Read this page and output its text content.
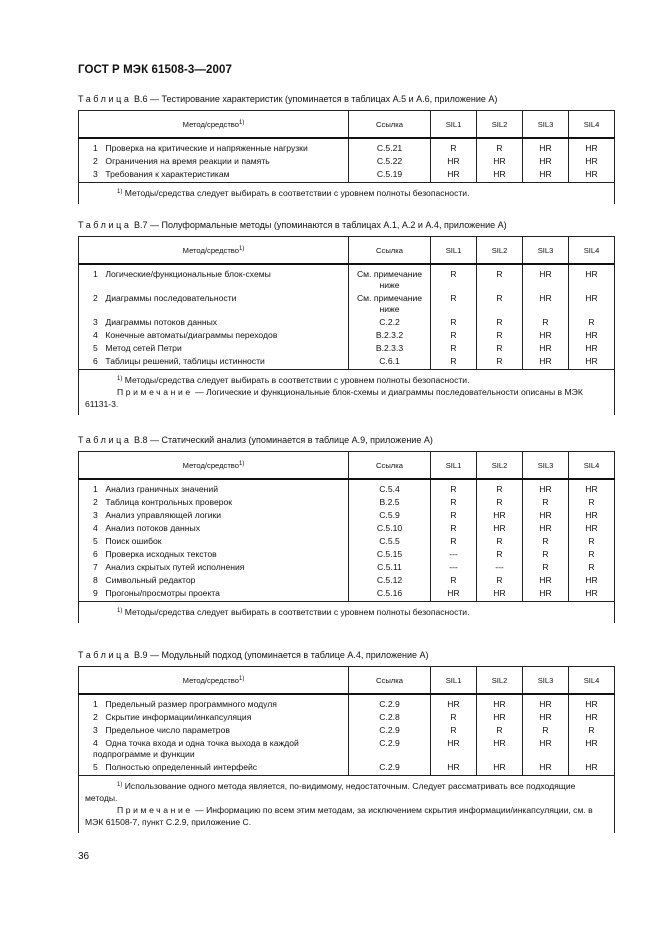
ГОСТ Р МЭК 61508-3—2007
Таблица B.6 — Тестирование характеристик (упоминается в таблицах А.5 и А.6, приложение А)
Метод/средство$^{1)}$	Ссылка	SIL1	SIL2	SIL3	SIL4
1 Проверка на критические и напряженные нагрузки	C.5.21	R	R	HR	HR
2 Ограничения на время реакции и память	C.5.22	HR	HR	HR	HR
3 Требования к характеристикам	C.5.19	HR	HR	HR	HR

$^{1)}$ Методы/средства следует выбирать в соответствии с уровнем полноты безопасности.					
Таблица B.7 — Полуформальные методы (упоминаются в таблицах А.1, А.2 и А.4, приложение А)
Метод/средство$^{1)}$	Ссылка	SIL1	SIL2	SIL3	SIL4
1 Логические/функциональные блок-схемы	См. примечание ниже	R	R	HR	HR
2 Диаграммы последовательности	См. примечание ниже	R	R	HR	HR
3 Диаграммы потоков данных	C.2.2	R	R	R	R
4 Конечные автоматы/диаграммы переходов	B.2.3.2	R	R	HR	HR
5 Метод сетей Петри	B.2.3.3	R	R	HR	HR
6 Таблицы решений, таблицы истинности	C.6.1	R	R	HR	HR

$^{1)}$ Методы/средства следует выбирать в соответствии с уровнем полноты безопасности.
Примечание — Логические и функциональные блок-схемы и диаграммы последовательности описаны в МЭК 61131-3.					
Таблица B.8 — Статический анализ (упоминается в таблице А.9, приложение А)
Метод/средство$^{1)}$	Ссылка	SIL1	SIL2	SIL3	SIL4
1 Анализ граничных значений	C.5.4	R	R	HR	HR
2 Таблица контрольных проверок	B.2.5	R	R	R	R
3 Анализ управляющей логики	C.5.9	R	HR	HR	HR
4 Анализ потоков данных	C.5.10	R	HR	HR	HR
5 Поиск ошибок	C.5.5	R	R	R	R
6 Проверка исходных текстов	C.5.15	---	R	R	R
7 Анализ скрытых путей исполнения	C.5.11	---	---	R	R
8 Символьный редактор	C.5.12	R	R	HR	HR
9 Прогоны/просмотры проекта	C.5.16	HR	HR	HR	HR

$^{1)}$ Методы/средства следует выбирать в соответствии с уровнем полноты безопасности.					
Таблица B.9 — Модульный подход (упоминается в таблице А.4, приложение А)
Метод/средство$^{1)}$	Ссылка	SIL1	SIL2	SIL3	SIL4
1 Предельный размер программного модуля	C.2.9	HR	HR	HR	HR
2 Скрытие информации/инкапсуляция	C.2.8	R	HR	HR	HR
3 Предельное число параметров	C.2.9	R	R	R	R
4 Одна точка входа и одна точка выхода в каждой подпрограмме и функции	C.2.9	HR	HR	HR	HR
5 Полностью определенный интерфейс	C.2.9	HR	HR	HR	HR

$^{1)}$ Использование одного метода является, по-видимому, недостаточным. Следует рассматривать все подходящие методы.
Примечание — Информацию по всем этим методам, за исключением скрытия информации/инкапсуляции, см. в МЭК 61508-7, пункт С.2.9, приложение С.					
36
